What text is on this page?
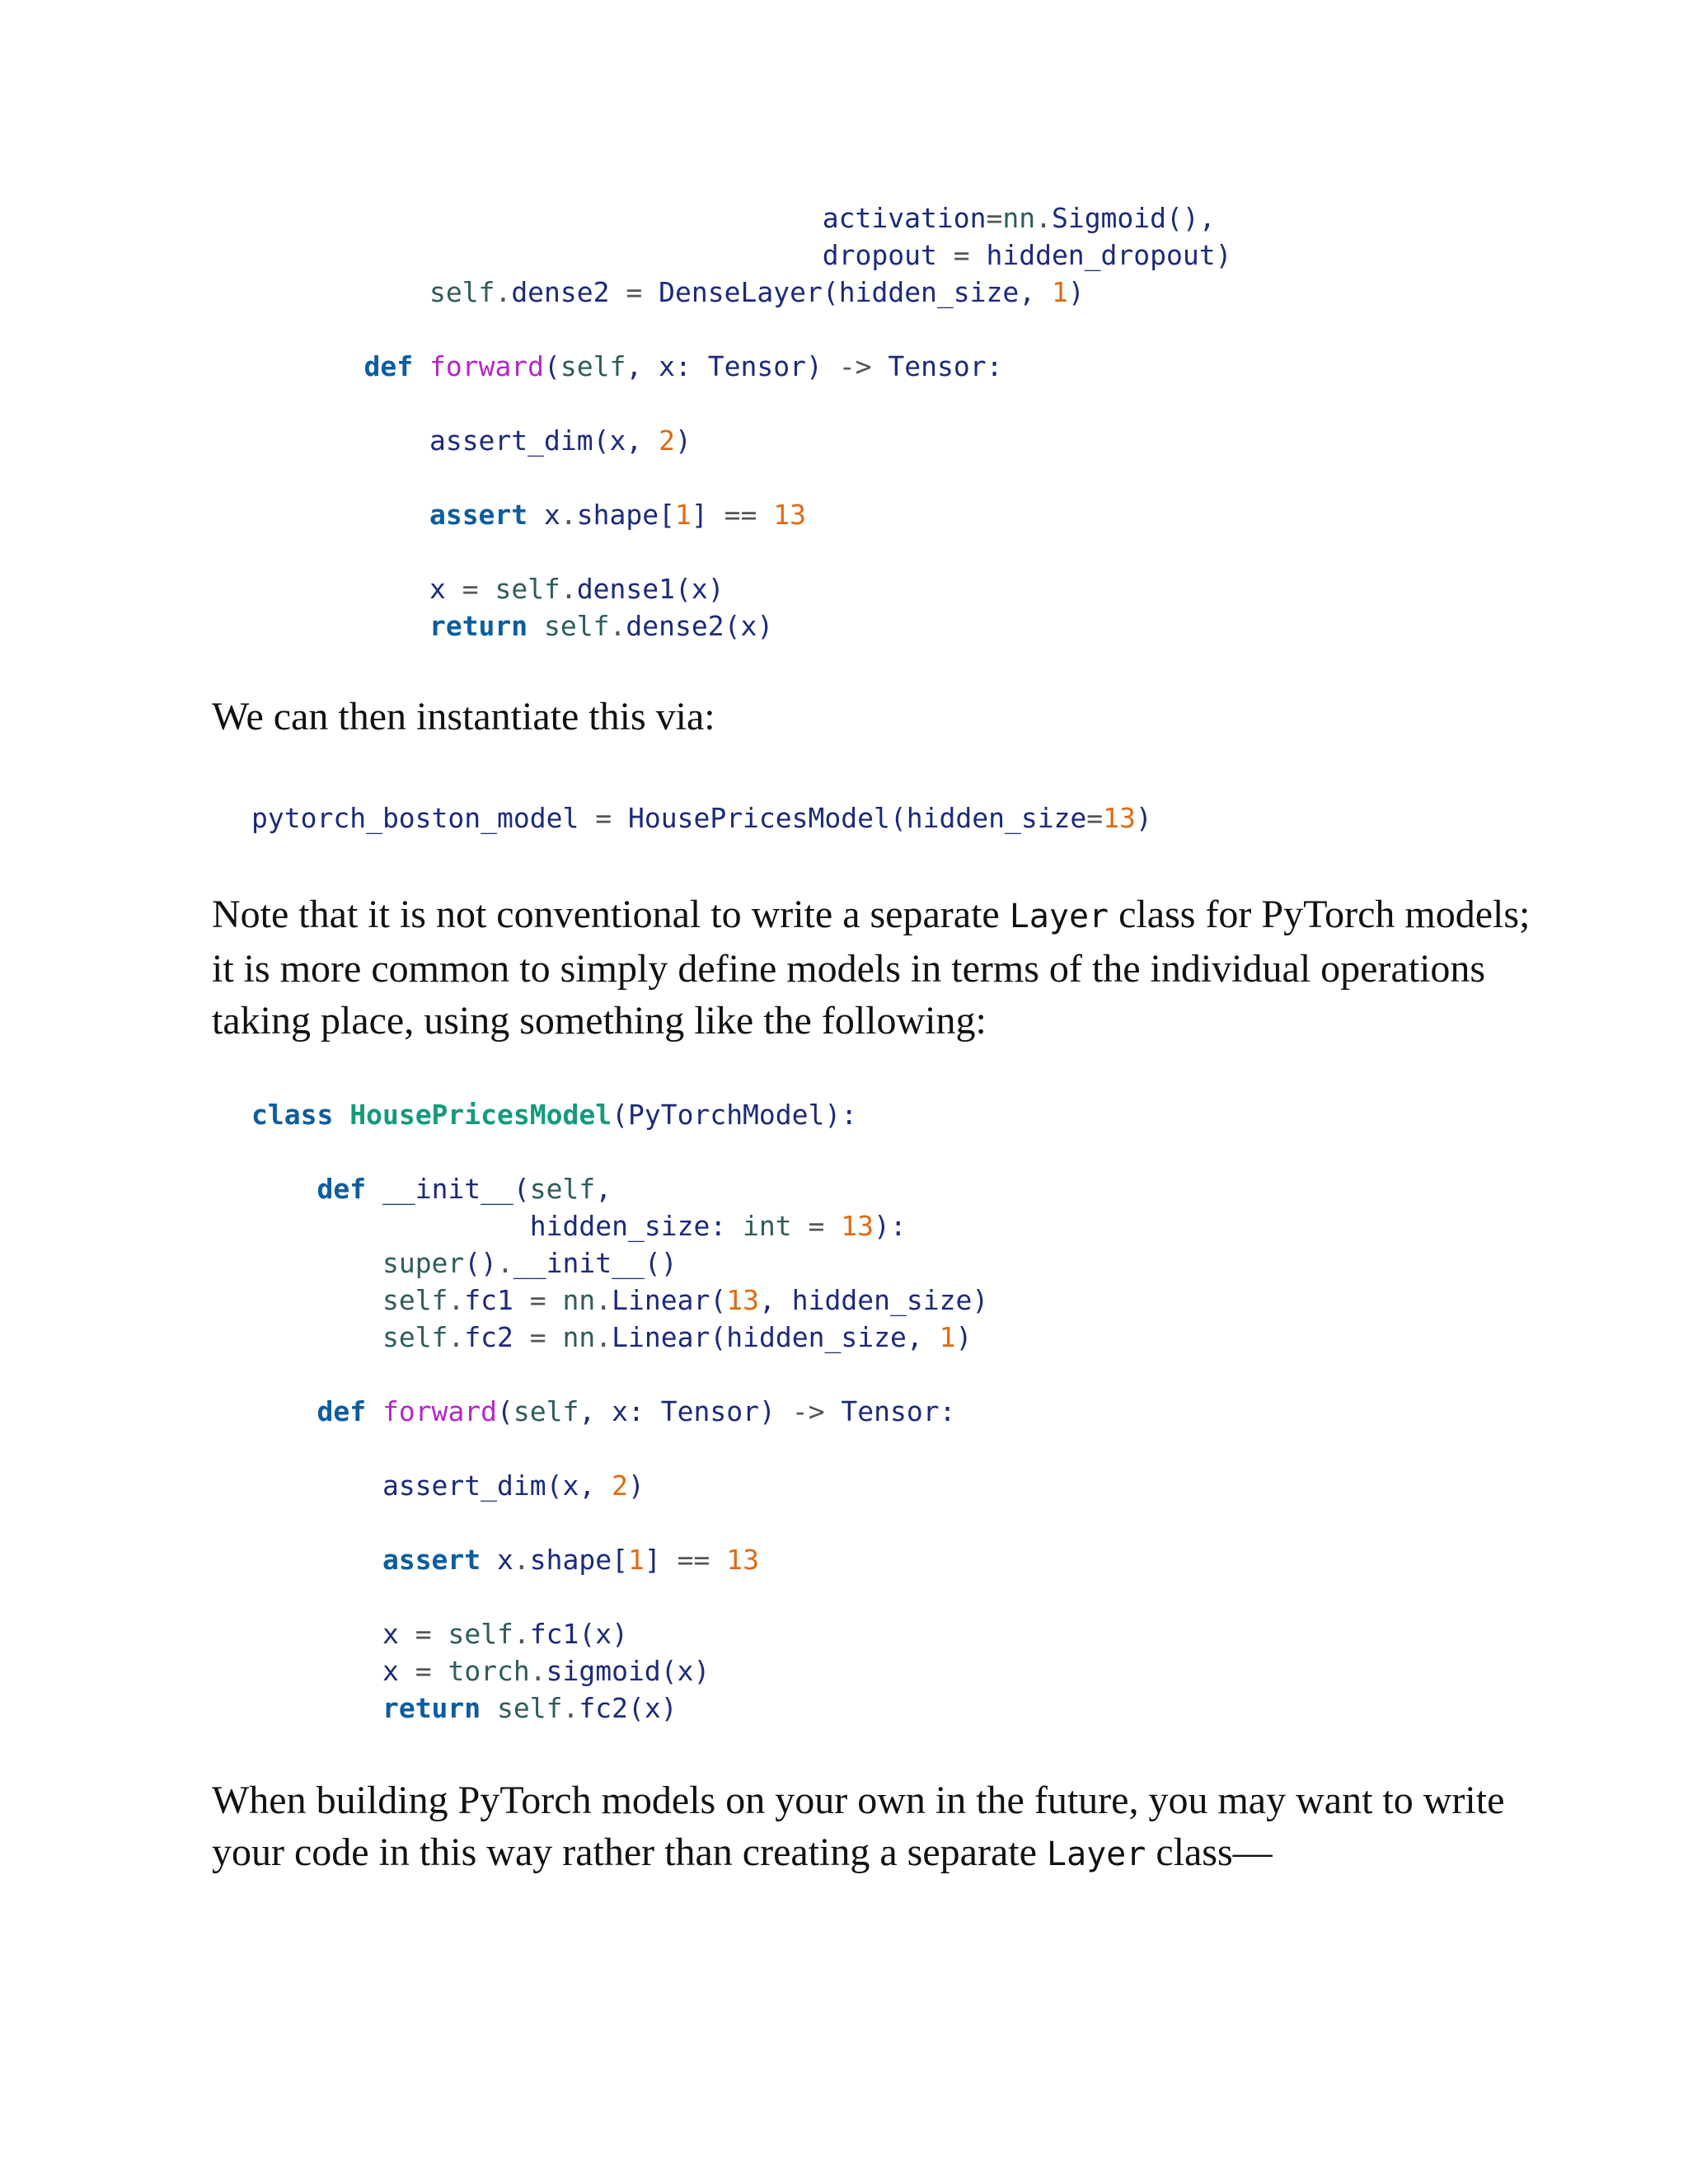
activation=nn.Sigmoid(),
dropout = hidden_dropout)
self.dense2 = DenseLayer(hidden_size, 1)

def forward(self, x: Tensor) -> Tensor:

assert_dim(x, 2)

assert x.shape[1] == 13

x = self.dense1(x)
return self.dense2(x)

We can then instantiate this via:

pytorch_boston_model = HousePricesModel(hidden_size=13)

Note that it is not conventional to write a separate Layer class for PyTorch models; it is more common to simply define models in terms of the individual operations taking place, using something like the following:

class HousePricesModel(PyTorchModel):

def __init__(self,
hidden_size: int = 13):
super().__init__()
self.fc1 = nn.Linear(13, hidden_size)
self.fc2 = nn.Linear(hidden_size, 1)

def forward(self, x: Tensor) -> Tensor:

assert_dim(x, 2)

assert x.shape[1] == 13

x = self.fc1(x)
x = torch.sigmoid(x)
return self.fc2(x)

When building PyTorch models on your own in the future, you may want to write your code in this way rather than creating a separate Layer class—
